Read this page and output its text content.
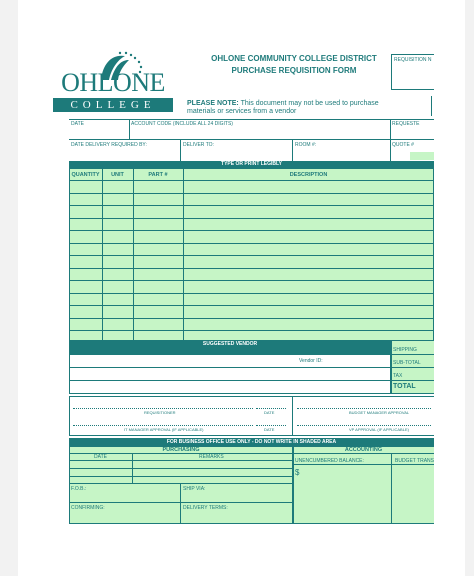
OHLONE
COLLEGE
OHLONE COMMUNITY COLLEGE DISTRICT
PURCHASE REQUISITION FORM
REQUISITION N
PLEASE NOTE: This document may not be used to purchase materials or services from a vendor
DATE	ACCOUNT CODE (INCLUDE ALL 24 DIGITS)	REQUESTE
DATE DELIVERY REQUIRED BY:	DELIVER TO:	ROOM #:	QUOTE #
TYPE OR PRINT LEGIBLY
QUANTITY	UNIT	PART #	DESCRIPTION
SUGGESTED VENDOR
Vendor ID:
SHIPPING
SUB-TOTAL
TAX
TOTAL
REQUISITIONER	DATE	BUDGET MANAGER APPROVAL
IT MANAGER APPROVAL (IF APPLICABLE)	DATE	VP APPROVAL (IF APPLICABLE)
FOR BUSINESS OFFICE USE ONLY - DO NOT WRITE IN SHADED AREA
PURCHASING	ACCOUNTING
DATE	REMARKS
UNENCUMBERED BALANCE:	BUDGET TRANS
$
F.O.B.:	SHIP VIA:
CONFIRMING:	DELIVERY TERMS:
